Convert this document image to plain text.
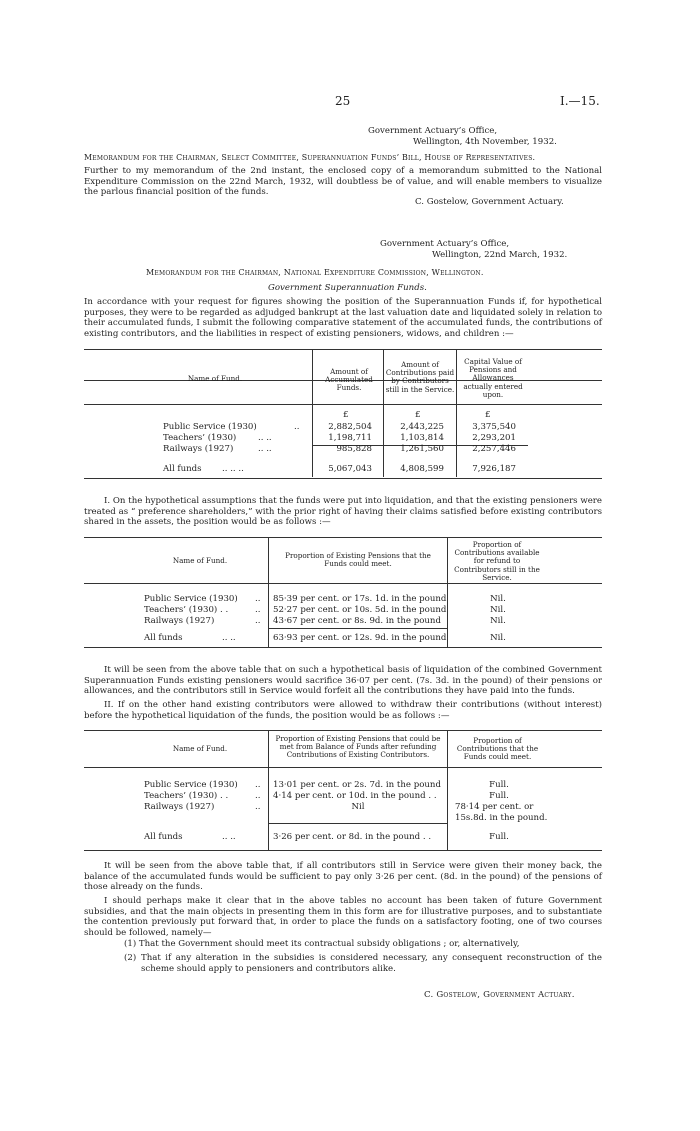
25	I.—15.
Government Actuary’s Office,
Wellington, 4th November, 1932.
Memorandum for the Chairman, Select Committee, Superannuation Funds’ Bill, House of Representatives.
Further to my memorandum of the 2nd instant, the enclosed copy of a memorandum submitted to the National Expenditure Commission on the 22nd March, 1932, will doubtless be of value, and will enable members to visualize the parlous financial position of the funds.
C. Gostelow, Government Actuary.
Government Actuary’s Office,
Wellington, 22nd March, 1932.
Memorandum for the Chairman, National Expenditure Commission, Wellington.
Government Superannuation Funds.
In accordance with your request for figures showing the position of the Superannuation Funds if, for hypothetical purposes, they were to be regarded as adjudged bankrupt at the last valuation date and liquidated solely in relation to their accumulated funds, I submit the following comparative statement of the accumulated funds, the contributions of existing contributors, and the liabilities in respect of existing pensioners, widows, and children :—
Name of Fund.
Amount of Accumulated Funds.
Amount of Contributions paid by Contributors still in the Service.
Capital Value of Pensions and Allowances actually entered upon.
£	£	£
Public Service (1930)	..	2,882,504	2,443,225	3,375,540
Teachers’ (1930)	.. ..	1,198,711	1,103,814	2,293,201
Railways (1927)	.. ..	985,828	1,261,560	2,257,446
All funds .. .. ..	5,067,043	4,808,599	7,926,187
I. On the hypothetical assumptions that the funds were put into liquidation, and that the existing pensioners were treated as “ preference shareholders,” with the prior right of having their claims satisfied before existing contributors shared in the assets, the position would be as follows :—
Name of Fund.
Proportion of Existing Pensions that the Funds could meet.
Proportion of Contributions available for refund to Contributors still in the Service.
Public Service (1930) .. 85·39 per cent. or 17s. 1d. in the pound	Nil.
Teachers’ (1930) . .	.. 52·27 per cent. or 10s. 5d. in the pound	Nil.
Railways (1927)	.. 43·67 per cent. or 8s. 9d. in the pound	Nil.
All funds	.. ..	63·93 per cent. or 12s. 9d. in the pound	Nil.
It will be seen from the above table that on such a hypothetical basis of liquidation of the combined Government Superannuation Funds existing pensioners would sacrifice 36·07 per cent. (7s. 3d. in the pound) of their pensions or allowances, and the contributors still in Service would forfeit all the contributions they have paid into the funds.
II. If on the other hand existing contributors were allowed to withdraw their contributions (without interest) before the hypothetical liquidation of the funds, the position would be as follows :—
Name of Fund.
Proportion of Existing Pensions that could be met from Balance of Funds after refunding Contributions of Existing Contributors.
Proportion of Contributions that the Funds could meet.
Public Service (1930) .. 13·01 per cent. or 2s. 7d. in the pound	Full.
Teachers’ (1930) . .	.. 4·14 per cent. or 10d. in the pound . .	Full.
Railways (1927)	..	Nil	78·14 per cent. or
15s.8d. in the pound.
All funds	.. ..	3·26 per cent. or 8d. in the pound . .	Full.
It will be seen from the above table that, if all contributors still in Service were given their money back, the balance of the accumulated funds would be sufficient to pay only 3·26 per cent. (8d. in the pound) of the pensions of those already on the funds.
I should perhaps make it clear that in the above tables no account has been taken of future Government subsidies, and that the main objects in presenting them in this form are for illustrative purposes, and to substantiate the contention previously put forward that, in order to place the funds on a satisfactory footing, one of two courses should be followed, namely—
(1) That the Government should meet its contractual subsidy obligations ; or, alternatively,
(2) That if any alteration in the subsidies is considered necessary, any consequent reconstruction of the scheme should apply to pensioners and contributors alike.
C. Gostelow, Government Actuary.
